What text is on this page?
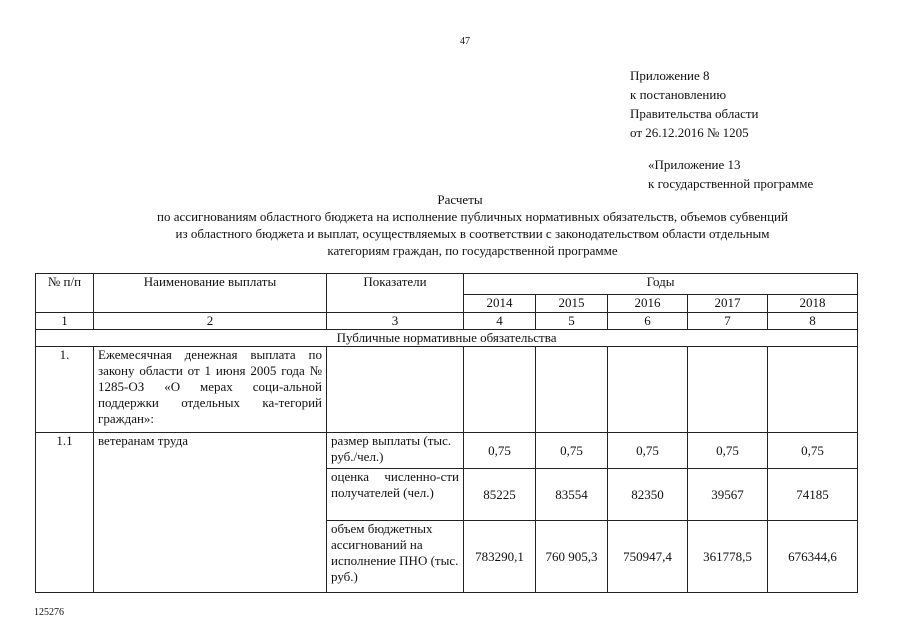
47
Приложение 8
к постановлению
Правительства области
от 26.12.2016 № 1205
«Приложение 13
к государственной программе
Расчеты
по ассигнованиям областного бюджета на исполнение публичных нормативных обязательств, объемов субвенций
из областного бюджета и выплат, осуществляемых в соответствии с законодательством области отдельным
категориям граждан, по государственной программе
№ п/п	Наименование выплаты	Показатели	Годы				
			2014	2015	2016	2017	2018
1	2	3	4	5	6	7	8
Публичные нормативные обязательства							
1.	Ежемесячная денежная выплата по закону области от 1 июня 2005 года № 1285-ОЗ «О мерах соци-альной поддержки отдельных ка-тегорий граждан»:						
1.1	ветеранам труда	размер выплаты (тыс. руб./чел.)	0,75	0,75	0,75	0,75	0,75
		оценка численно-сти получателей (чел.)	85225	83554	82350	39567	74185
		объем бюджетных ассигнований на исполнение ПНО (тыс. руб.)	783290,1	760 905,3	750947,4	361778,5	676344,6
125276
